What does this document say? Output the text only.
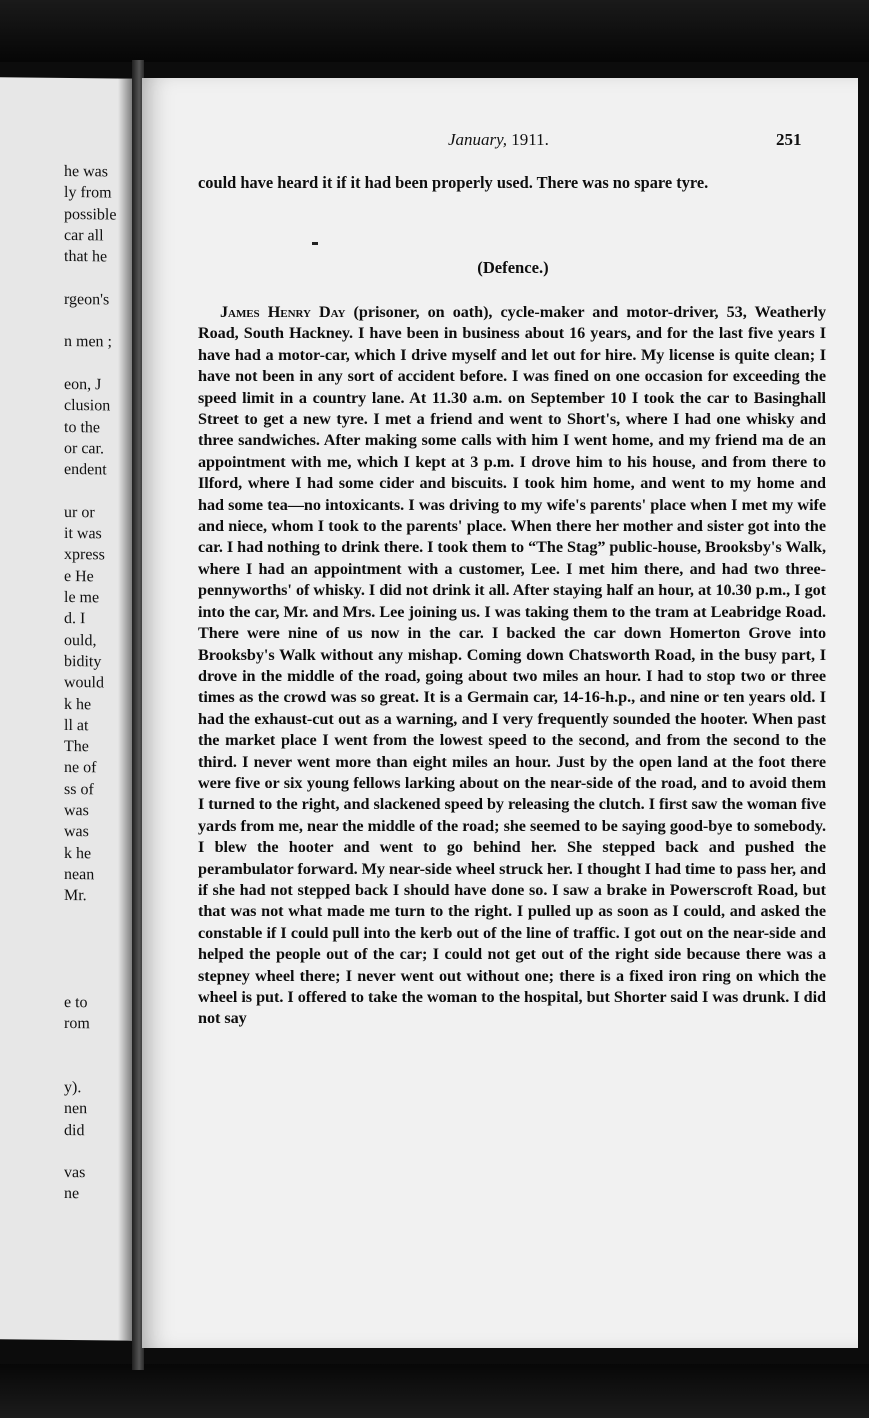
he was
ly from
possible
car all
that he
rgeon's
n men ;
eon, J
clusion
to the
or car.
endent
ur or
it was
xpress
e He
le me
d. I
ould,
bidity
would
k he
ll at
The
ne of
ss of
was
was
k he
nean
Mr.
e to
rom
y).
nen
did
vas
ne
January, 1911.	251
could have heard it if it had been properly used. There was no spare tyre.
(Defence.)
James Henry Day (prisoner, on oath), cycle-maker and motor-driver, 53, Weatherly Road, South Hackney. I have been in business about 16 years, and for the last five years I have had a motor-car, which I drive myself and let out for hire. My license is quite clean; I have not been in any sort of accident before. I was fined on one occasion for exceeding the speed limit in a country lane. At 11.30 a.m. on September 10 I took the car to Basinghall Street to get a new tyre. I met a friend and went to Short's, where I had one whisky and three sandwiches. After making some calls with him I went home, and my friend ma de an appointment with me, which I kept at 3 p.m. I drove him to his house, and from there to Ilford, where I had some cider and biscuits. I took him home, and went to my home and had some tea—no intoxicants. I was driving to my wife's parents' place when I met my wife and niece, whom I took to the parents' place. When there her mother and sister got into the car. I had nothing to drink there. I took them to “The Stag” public-house, Brooksby's Walk, where I had an appointment with a customer, Lee. I met him there, and had two three-pennyworths' of whisky. I did not drink it all. After staying half an hour, at 10.30 p.m., I got into the car, Mr. and Mrs. Lee joining us. I was taking them to the tram at Leabridge Road. There were nine of us now in the car. I backed the car down Homerton Grove into Brooksby's Walk without any mishap. Coming down Chatsworth Road, in the busy part, I drove in the middle of the road, going about two miles an hour. I had to stop two or three times as the crowd was so great. It is a Germain car, 14-16-h.p., and nine or ten years old. I had the exhaust-cut out as a warning, and I very frequently sounded the hooter. When past the market place I went from the lowest speed to the second, and from the second to the third. I never went more than eight miles an hour. Just by the open land at the foot there were five or six young fellows larking about on the near-side of the road, and to avoid them I turned to the right, and slackened speed by releasing the clutch. I first saw the woman five yards from me, near the middle of the road; she seemed to be saying good-bye to somebody. I blew the hooter and went to go behind her. She stepped back and pushed the perambulator forward. My near-side wheel struck her. I thought I had time to pass her, and if she had not stepped back I should have done so. I saw a brake in Powerscroft Road, but that was not what made me turn to the right. I pulled up as soon as I could, and asked the constable if I could pull into the kerb out of the line of traffic. I got out on the near-side and helped the people out of the car; I could not get out of the right side because there was a stepney wheel there; I never went out without one; there is a fixed iron ring on which the wheel is put. I offered to take the woman to the hospital, but Shorter said I was drunk. I did not say
